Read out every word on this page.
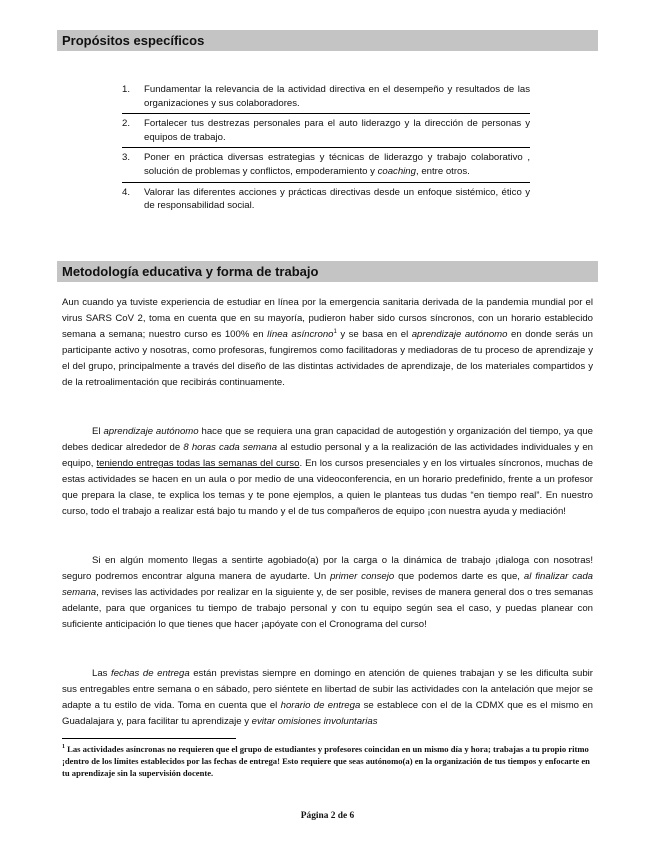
Propósitos específicos
1.	Fundamentar la relevancia de la actividad directiva en el desempeño y resultados de las organizaciones y sus colaboradores.
2.	Fortalecer tus destrezas personales para el auto liderazgo y la dirección de personas y equipos de trabajo.
3.	Poner en práctica diversas estrategias y técnicas de liderazgo y trabajo colaborativo , solución de problemas y conflictos, empoderamiento y coaching, entre otros.
4.	Valorar las diferentes acciones y prácticas directivas desde un enfoque sistémico, ético y de responsabilidad social.
Metodología educativa y forma de trabajo

Aun cuando ya tuviste experiencia de estudiar en línea por la emergencia sanitaria derivada de la pandemia mundial por el virus SARS CoV 2, toma en cuenta que en su mayoría, pudieron haber sido cursos síncronos, con un horario establecido semana a semana; nuestro curso es 100% en línea asíncrono$^1$ y se basa en el aprendizaje autónomo en donde serás un participante activo y nosotras, como profesoras, fungiremos como facilitadoras y mediadoras de tu proceso de aprendizaje y el del grupo, principalmente a través del diseño de las distintas actividades de aprendizaje, de los materiales compartidos y de la retroalimentación que recibirás continuamente.

El aprendizaje autónomo hace que se requiera una gran capacidad de autogestión y organización del tiempo, ya que debes dedicar alrededor de 8 horas cada semana al estudio personal y a la realización de las actividades individuales y en equipo, teniendo entregas todas las semanas del curso. En los cursos presenciales y en los virtuales síncronos, muchas de estas actividades se hacen en un aula o por medio de una videoconferencia, en un horario predefinido, frente a un profesor que prepara la clase, te explica los temas y te pone ejemplos, a quien le planteas tus dudas “en tiempo real”. En nuestro curso, todo el trabajo a realizar está bajo tu mando y el de tus compañeros de equipo ¡con nuestra ayuda y mediación!

Si en algún momento llegas a sentirte agobiado(a) por la carga o la dinámica de trabajo ¡dialoga con nosotras! seguro podremos encontrar alguna manera de ayudarte. Un primer consejo que podemos darte es que, al finalizar cada semana, revises las actividades por realizar en la siguiente y, de ser posible, revises de manera general dos o tres semanas adelante, para que organices tu tiempo de trabajo personal y con tu equipo según sea el caso, y puedas planear con suficiente anticipación lo que tienes que hacer ¡apóyate con el Cronograma del curso!

Las fechas de entrega están previstas siempre en domingo en atención de quienes trabajan y se les dificulta subir sus entregables entre semana o en sábado, pero siéntete en libertad de subir las actividades con la antelación que mejor se adapte a tu estilo de vida. Toma en cuenta que el horario de entrega se establece con el de la CDMX que es el mismo en Guadalajara y, para facilitar tu aprendizaje y evitar omisiones involuntarias

$^1$ Las actividades asíncronas no requieren que el grupo de estudiantes y profesores coincidan en un mismo día y hora; trabajas a tu propio ritmo ¡dentro de los límites establecidos por las fechas de entrega! Esto requiere que seas autónomo(a) en la organización de tus tiempos y enfocarte en tu aprendizaje sin la supervisión docente.

Página 2 de 6
